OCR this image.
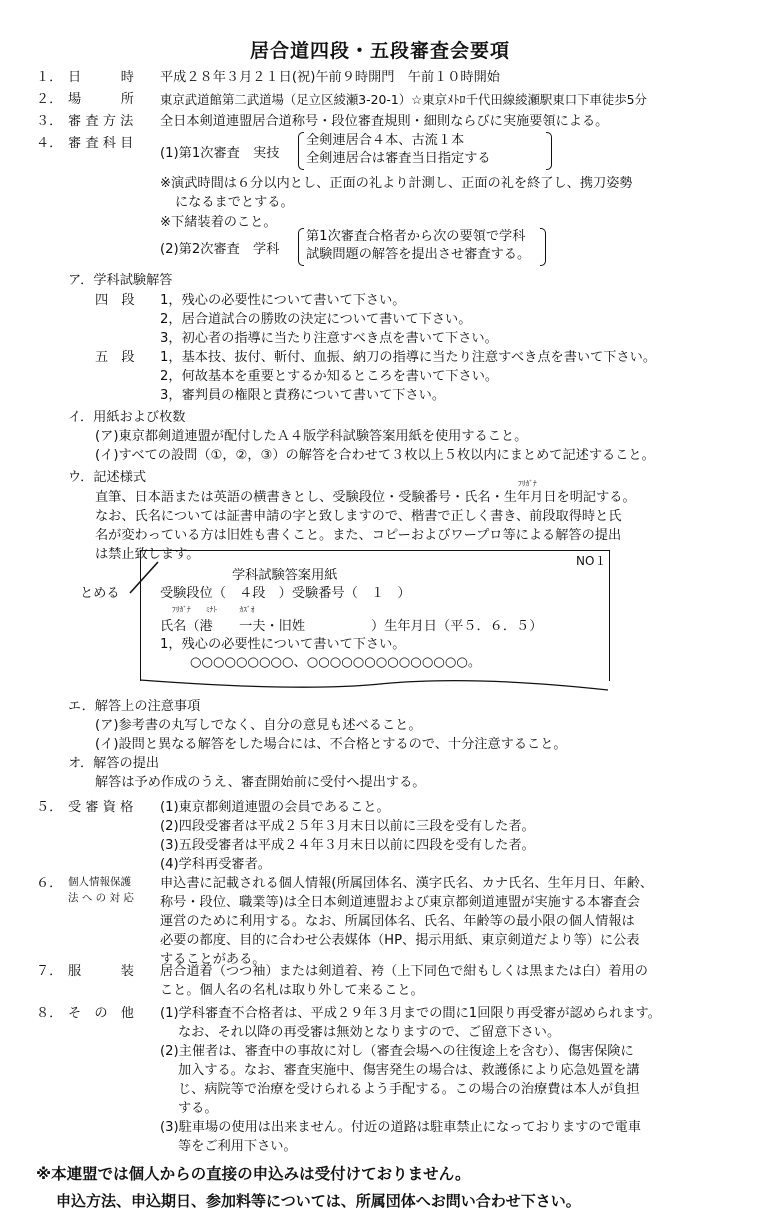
居合道四段・五段審査会要項
１． 日　　　時 平成２８年３月２１日(祝)午前９時開門　午前１０時開始
２． 場　　　所 東京武道館第二武道場（足立区綾瀬3-20-1）☆東京ﾒﾄﾛ千代田線綾瀬駅東口下車徒歩5分
３． 審 査 方 法 全日本剣道連盟居合道称号・段位審査規則・細則ならびに実施要領による。
４． 審 査 科 目
(1)第1次審査　実技
全剣連居合４本、古流１本
全剣連居合は審査当日指定する
※演武時間は６分以内とし、正面の礼より計測し、正面の礼を終了し、携刀姿勢
になるまでとする。
※下緒装着のこと。
(2)第2次審査　学科
第1次審査合格者から次の要領で学科
試験問題の解答を提出させ審査する。
ア．学科試験解答
四　段 1，残心の必要性について書いて下さい。
2，居合道試合の勝敗の決定について書いて下さい。
3，初心者の指導に当たり注意すべき点を書いて下さい。
五　段 1，基本技、抜付、斬付、血振、納刀の指導に当たり注意すべき点を書いて下さい。
2，何故基本を重要とするか知るところを書いて下さい。
3，審判員の権限と責務について書いて下さい。
イ．用紙および枚数
(ア)東京都剣道連盟が配付したＡ４版学科試験答案用紙を使用すること。
(イ)すべての設問（①，②，③）の解答を合わせて３枚以上５枚以内にまとめて記述すること。
ウ．記述様式	ﾌﾘｶﾞﾅ
直筆、日本語または英語の横書きとし、受験段位・受験番号・氏名・生年月日を明記する。
なお、氏名については証書申請の字と致しますので、楷書で正しく書き、前段取得時と氏
名が変わっている方は旧姓も書くこと。また、コピーおよびワープロ等による解答の提出
は禁止致します。
とめる
NO１
学科試験答案用紙
受験段位（　４段　）受験番号（　１　）
ﾌﾘｶﾞﾅ　　ﾐﾅﾄ　　　ｶｽﾞｵ
氏名（港　　一夫・旧姓　　　　　）生年月日（平５．６．５）
1，残心の必要性について書いて下さい。
○○○○○○○○○、○○○○○○○○○○○○○○。
エ．解答上の注意事項
(ア)参考書の丸写しでなく、自分の意見も述べること。
(イ)設問と異なる解答をした場合には、不合格とするので、十分注意すること。
オ．解答の提出
解答は予め作成のうえ、審査開始前に受付へ提出する。
５． 受 審 資 格 (1)東京都剣道連盟の会員であること。
(2)四段受審者は平成２５年３月末日以前に三段を受有した者。
(3)五段受審者は平成２４年３月末日以前に四段を受有した者。
(4)学科再受審者。
６． 個人情報保護
法 へ の 対 応
申込書に記載される個人情報(所属団体名、漢字氏名、カナ氏名、生年月日、年齢、
称号・段位、職業等)は全日本剣道連盟および東京都剣道連盟が実施する本審査会
運営のために利用する。なお、所属団体名、氏名、年齢等の最小限の個人情報は
必要の都度、目的に合わせ公表媒体（HP、掲示用紙、東京剣道だより等）に公表
することがある。
７． 服　　　装 居合道着（つつ袖）または剣道着、袴（上下同色で紺もしくは黒または白）着用の
こと。個人名の名札は取り外して来ること。
８． そ　の　他 (1)学科審査不合格者は、平成２９年３月までの間に1回限り再受審が認められます。
なお、それ以降の再受審は無効となりますので、ご留意下さい。
(2)主催者は、審査中の事故に対し（審査会場への往復途上を含む）、傷害保険に
加入する。なお、審査実施中、傷害発生の場合は、救護係により応急処置を講
じ、病院等で治療を受けられるよう手配する。この場合の治療費は本人が負担
する。
(3)駐車場の使用は出来ません。付近の道路は駐車禁止になっておりますので電車
等をご利用下さい。
※本連盟では個人からの直接の申込みは受付けておりません。
申込方法、申込期日、参加料等については、所属団体へお問い合わせ下さい。
